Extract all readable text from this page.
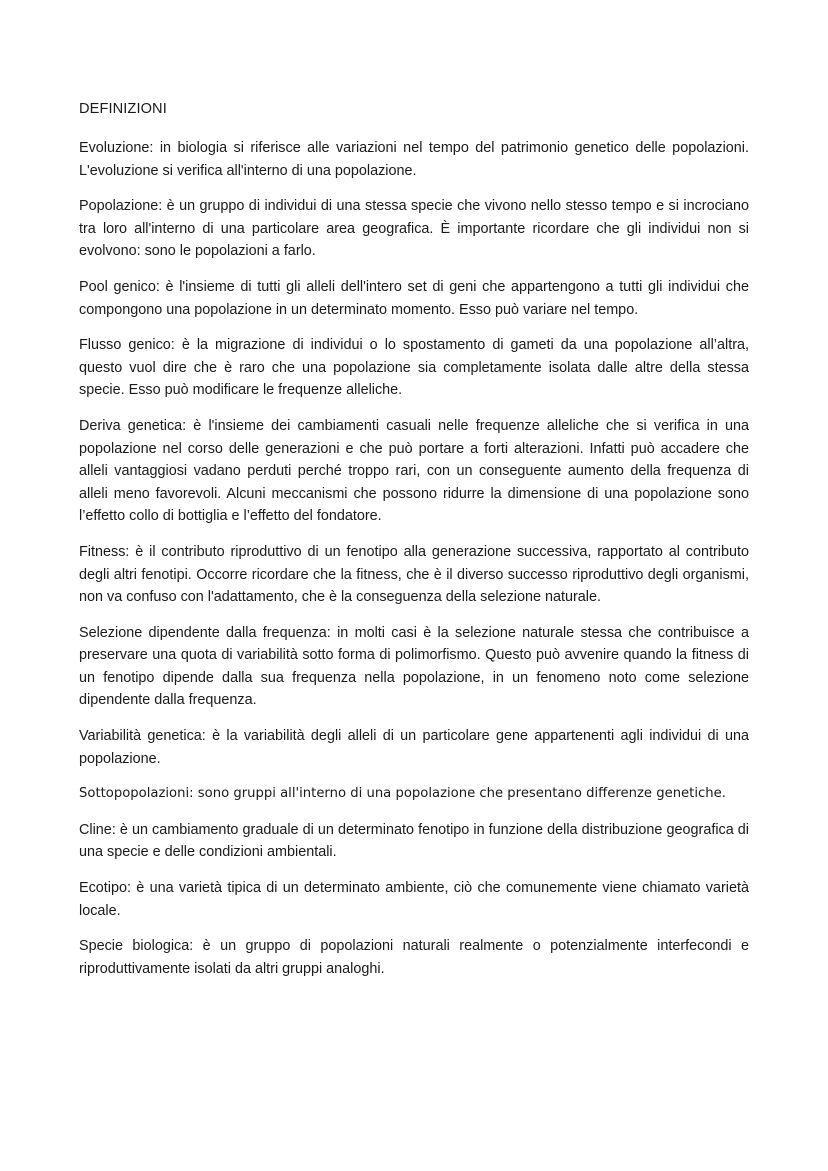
DEFINIZIONI

Evoluzione: in biologia si riferisce alle variazioni nel tempo del patrimonio genetico delle popolazioni. L'evoluzione si verifica all'interno di una popolazione.

Popolazione: è un gruppo di individui di una stessa specie che vivono nello stesso tempo e si incrociano tra loro all'interno di una particolare area geografica. È importante ricordare che gli individui non si evolvono: sono le popolazioni a farlo.

Pool genico: è l'insieme di tutti gli alleli dell'intero set di geni che appartengono a tutti gli individui che compongono una popolazione in un determinato momento. Esso può variare nel tempo.

Flusso genico: è la migrazione di individui o lo spostamento di gameti da una popolazione all’altra, questo vuol dire che è raro che una popolazione sia completamente isolata dalle altre della stessa specie. Esso può modificare le frequenze alleliche.

Deriva genetica: è l'insieme dei cambiamenti casuali nelle frequenze alleliche che si verifica in una popolazione nel corso delle generazioni e che può portare a forti alterazioni. Infatti può accadere che alleli vantaggiosi vadano perduti perché troppo rari, con un conseguente aumento della frequenza di alleli meno favorevoli. Alcuni meccanismi che possono ridurre la dimensione di una popolazione sono l’effetto collo di bottiglia e l’effetto del fondatore.

Fitness: è il contributo riproduttivo di un fenotipo alla generazione successiva, rapportato al contributo degli altri fenotipi. Occorre ricordare che la fitness, che è il diverso successo riproduttivo degli organismi, non va confuso con l'adattamento, che è la conseguenza della selezione naturale.

Selezione dipendente dalla frequenza: in molti casi è la selezione naturale stessa che contribuisce a preservare una quota di variabilità sotto forma di polimorfismo. Questo può avvenire quando la fitness di un fenotipo dipende dalla sua frequenza nella popolazione, in un fenomeno noto come selezione dipendente dalla frequenza.

Variabilità genetica: è la variabilità degli alleli di un particolare gene appartenenti agli individui di una popolazione.

Sottopopolazioni: sono gruppi all'interno di una popolazione che presentano differenze genetiche.

Cline: è un cambiamento graduale di un determinato fenotipo in funzione della distribuzione geografica di una specie e delle condizioni ambientali.

Ecotipo: è una varietà tipica di un determinato ambiente, ciò che comunemente viene chiamato varietà locale.

Specie biologica: è un gruppo di popolazioni naturali realmente o potenzialmente interfecondi e riproduttivamente isolati da altri gruppi analoghi.
